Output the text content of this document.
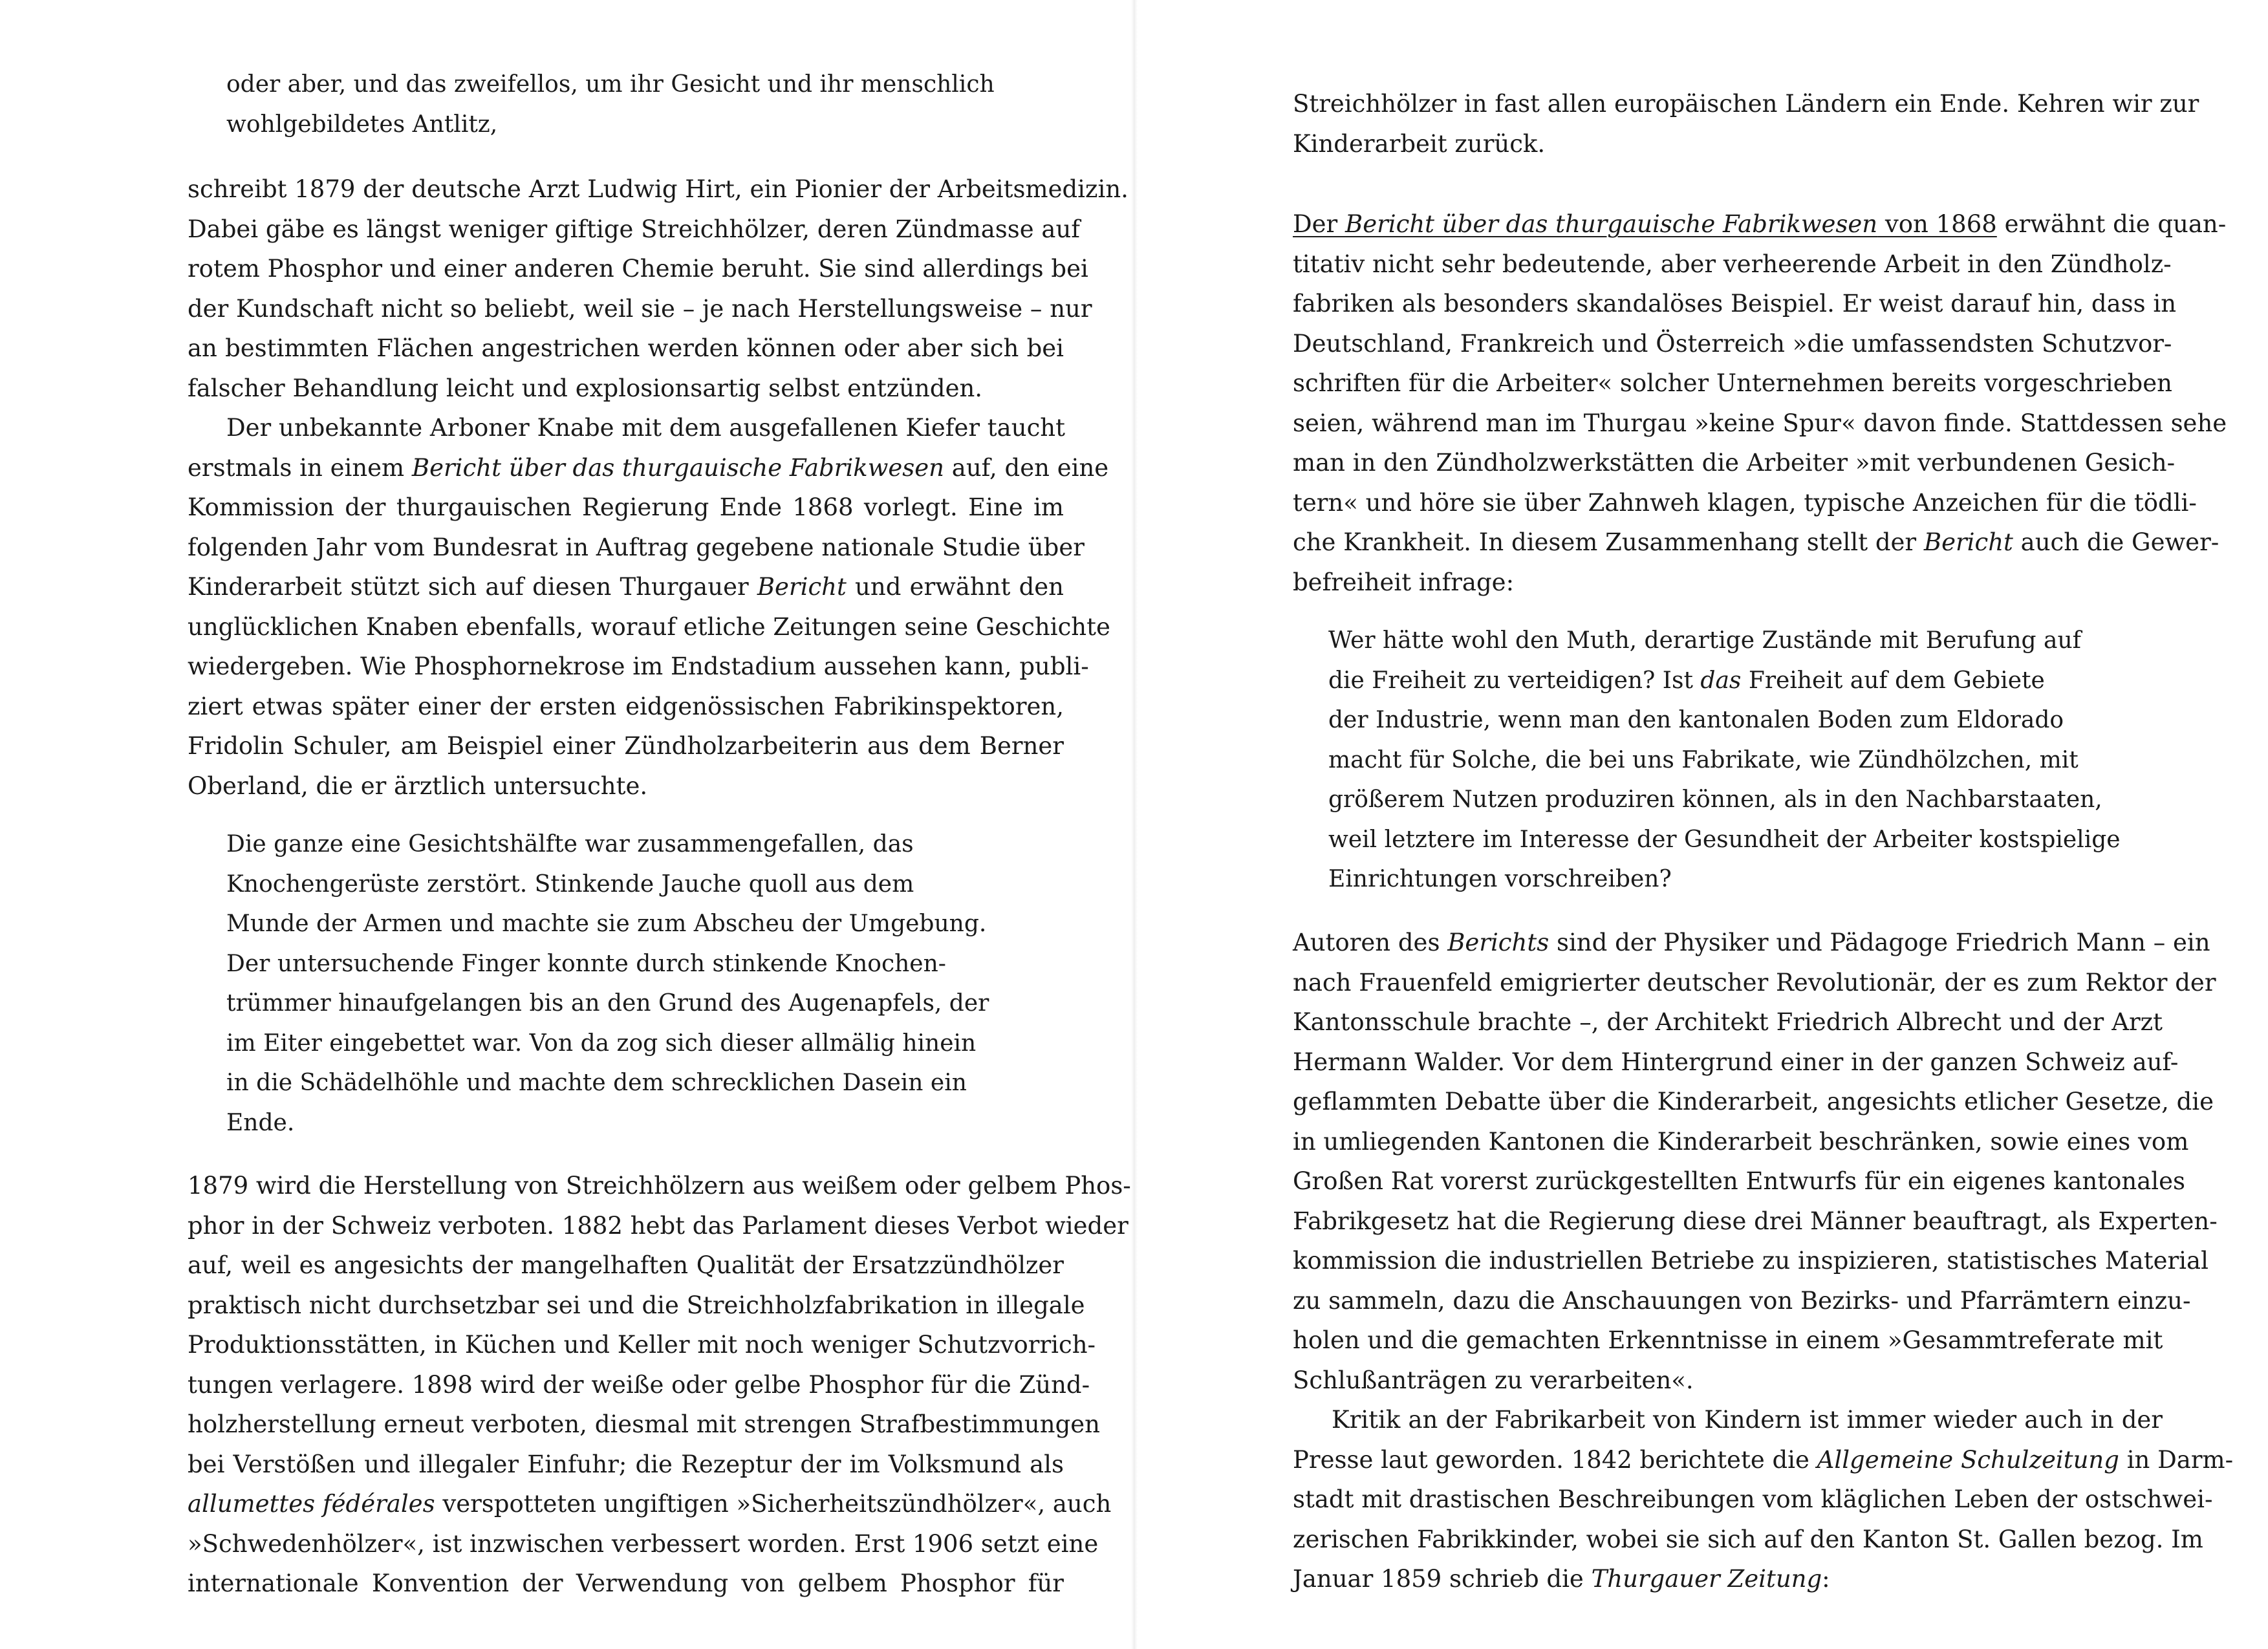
oder aber, und das zweifellos, um ihr Gesicht und ihr menschlich
wohlgebildetes Antlitz,
schreibt 1879 der deutsche Arzt Ludwig Hirt, ein Pionier der Arbeitsmedizin.
Dabei gäbe es längst weniger giftige Streichhölzer, deren Zündmasse auf
rotem Phosphor und einer anderen Chemie beruht. Sie sind allerdings bei
der Kundschaft nicht so beliebt, weil sie – je nach Herstellungsweise – nur
an bestimmten Flächen angestrichen werden können oder aber sich bei
falscher Behandlung leicht und explosionsartig selbst entzünden.
Der unbekannte Arboner Knabe mit dem ausgefallenen Kiefer taucht
erstmals in einem Bericht über das thurgauische Fabrikwesen auf, den eine
Kommission der thurgauischen Regierung Ende 1868 vorlegt. Eine im
folgenden Jahr vom Bundesrat in Auftrag gegebene nationale Studie über
Kinderarbeit stützt sich auf diesen Thurgauer Bericht und erwähnt den
unglücklichen Knaben ebenfalls, worauf etliche Zeitungen seine Geschichte
wiedergeben. Wie Phosphornekrose im Endstadium aussehen kann, publi-
ziert etwas später einer der ersten eidgenössischen Fabrikinspektoren,
Fridolin Schuler, am Beispiel einer Zündholzarbeiterin aus dem Berner
Oberland, die er ärztlich untersuchte.
Die ganze eine Gesichtshälfte war zusammengefallen, das
Knochengerüste zerstört. Stinkende Jauche quoll aus dem
Munde der Armen und machte sie zum Abscheu der Umgebung.
Der untersuchende Finger konnte durch stinkende Knochen-
trümmer hinaufgelangen bis an den Grund des Augenapfels, der
im Eiter eingebettet war. Von da zog sich dieser allmälig hinein
in die Schädelhöhle und machte dem schrecklichen Dasein ein
Ende.
1879 wird die Herstellung von Streichhölzern aus weißem oder gelbem Phos-
phor in der Schweiz verboten. 1882 hebt das Parlament dieses Verbot wieder
auf, weil es angesichts der mangelhaften Qualität der Ersatzzündhölzer
praktisch nicht durchsetzbar sei und die Streichholzfabrikation in illegale
Produktionsstätten, in Küchen und Keller mit noch weniger Schutzvorrich-
tungen verlagere. 1898 wird der weiße oder gelbe Phosphor für die Zünd-
holzherstellung erneut verboten, diesmal mit strengen Strafbestimmungen
bei Verstößen und illegaler Einfuhr; die Rezeptur der im Volksmund als
allumettes fédérales verspotteten ungiftigen »Sicherheitszündhölzer«, auch
»Schwedenhölzer«, ist inzwischen verbessert worden. Erst 1906 setzt eine
internationale Konvention der Verwendung von gelbem Phosphor für
Streichhölzer in fast allen europäischen Ländern ein Ende. Kehren wir zur
Kinderarbeit zurück.
Der Bericht über das thurgauische Fabrikwesen von 1868 erwähnt die quan-
titativ nicht sehr bedeutende, aber verheerende Arbeit in den Zündholz-
fabriken als besonders skandalöses Beispiel. Er weist darauf hin, dass in
Deutschland, Frankreich und Österreich »die umfassendsten Schutzvor-
schriften für die Arbeiter« solcher Unternehmen bereits vorgeschrieben
seien, während man im Thurgau »keine Spur« davon finde. Stattdessen sehe
man in den Zündholzwerkstätten die Arbeiter »mit verbundenen Gesich-
tern« und höre sie über Zahnweh klagen, typische Anzeichen für die tödli-
che Krankheit. In diesem Zusammenhang stellt der Bericht auch die Gewer-
befreiheit infrage:
Wer hätte wohl den Muth, derartige Zustände mit Berufung auf
die Freiheit zu verteidigen? Ist das Freiheit auf dem Gebiete
der Industrie, wenn man den kantonalen Boden zum Eldorado
macht für Solche, die bei uns Fabrikate, wie Zündhölzchen, mit
größerem Nutzen produziren können, als in den Nachbarstaaten,
weil letztere im Interesse der Gesundheit der Arbeiter kostspielige
Einrichtungen vorschreiben?
Autoren des Berichts sind der Physiker und Pädagoge Friedrich Mann – ein
nach Frauenfeld emigrierter deutscher Revolutionär, der es zum Rektor der
Kantonsschule brachte –, der Architekt Friedrich Albrecht und der Arzt
Hermann Walder. Vor dem Hintergrund einer in der ganzen Schweiz auf-
geflammten Debatte über die Kinderarbeit, angesichts etlicher Gesetze, die
in umliegenden Kantonen die Kinderarbeit beschränken, sowie eines vom
Großen Rat vorerst zurückgestellten Entwurfs für ein eigenes kantonales
Fabrikgesetz hat die Regierung diese drei Männer beauftragt, als Experten-
kommission die industriellen Betriebe zu inspizieren, statistisches Material
zu sammeln, dazu die Anschauungen von Bezirks- und Pfarrämtern einzu-
holen und die gemachten Erkenntnisse in einem »Gesammtreferate mit
Schlußanträgen zu verarbeiten«.
Kritik an der Fabrikarbeit von Kindern ist immer wieder auch in der
Presse laut geworden. 1842 berichtete die Allgemeine Schulzeitung in Darm-
stadt mit drastischen Beschreibungen vom kläglichen Leben der ostschwei-
zerischen Fabrikkinder, wobei sie sich auf den Kanton St. Gallen bezog. Im
Januar 1859 schrieb die Thurgauer Zeitung:
